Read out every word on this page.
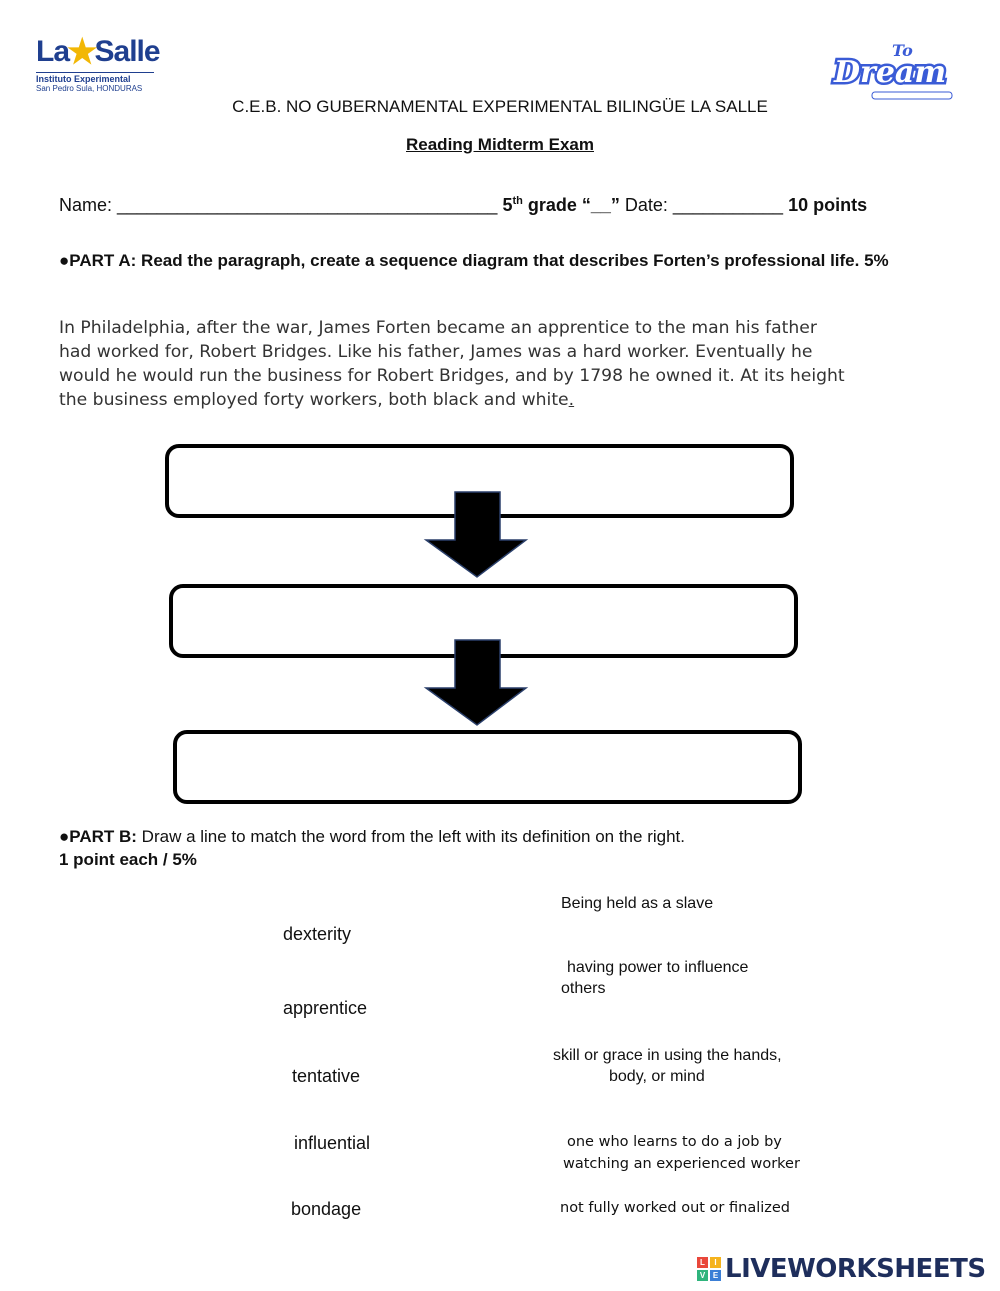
La★Salle
Instituto Experimental
San Pedro Sula, HONDURAS
To
Dream
C.E.B. NO GUBERNAMENTAL EXPERIMENTAL BILINGÜE LA SALLE
Reading Midterm Exam
Name: ______________________________________ 5th grade “__” Date: ___________ 10 points
●PART A: Read the paragraph, create a sequence diagram that describes Forten’s professional life. 5%
In Philadelphia, after the war, James Forten became an apprentice to the man his father
had worked for, Robert Bridges. Like his father, James was a hard worker. Eventually he
would he would run the business for Robert Bridges, and by 1798 he owned it. At its height
the business employed forty workers, both black and white.
●PART B: Draw a line to match the word from the left with its definition on the right.
1 point each / 5%
dexterity
apprentice
tentative
influential
bondage
Being held as a slave
having power to influence
others
skill or grace in using the hands,
body, or mind
one who learns to do a job by
watching an experienced worker
not fully worked out or finalized
L	I
V E LIVEWORKSHEETS
